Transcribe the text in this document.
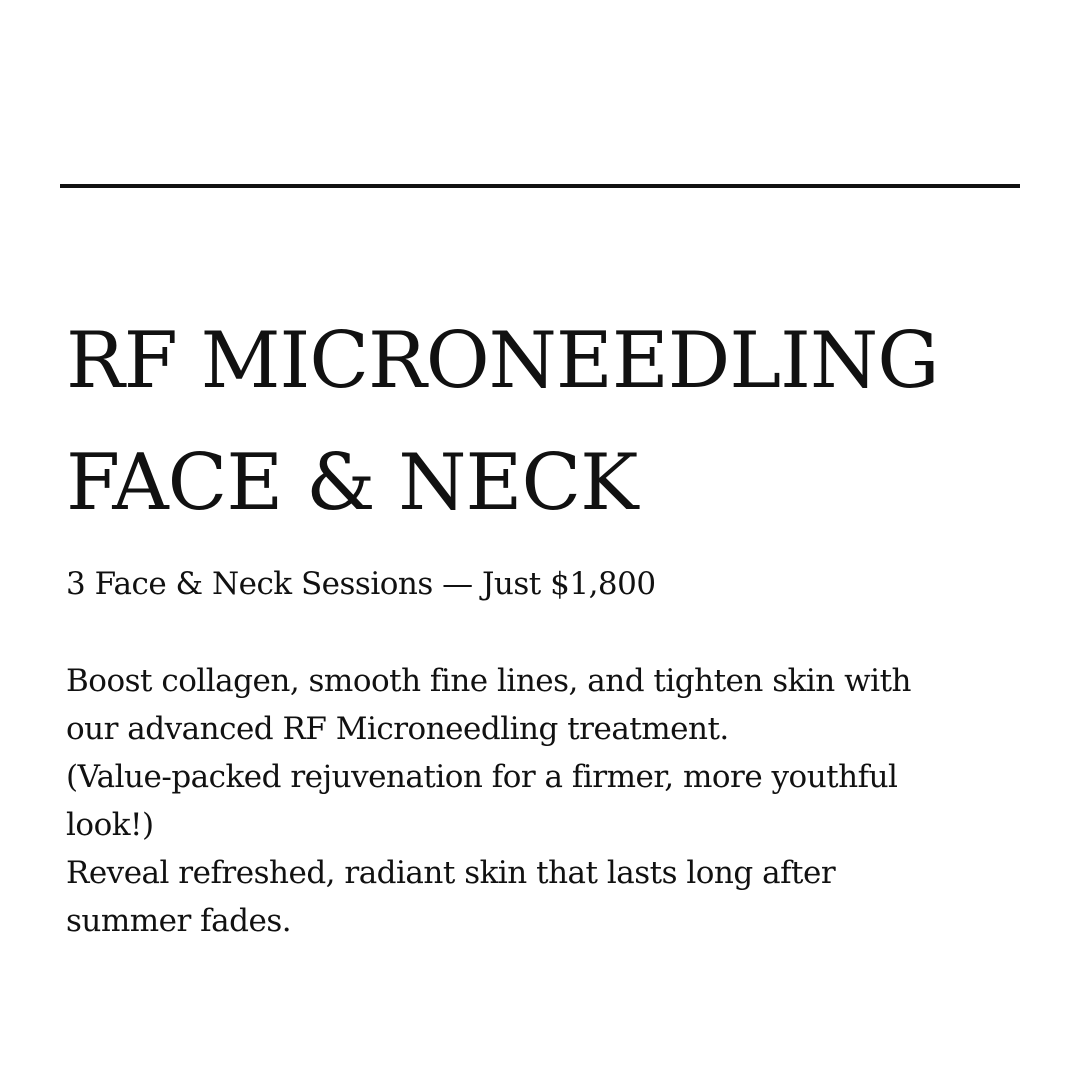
RF MICRONEEDLING
FACE & NECK
3 Face & Neck Sessions — Just $1,800

Boost collagen, smooth fine lines, and tighten skin with our advanced RF Microneedling treatment.

(Value-packed rejuvenation for a firmer, more youthful look!)

Reveal refreshed, radiant skin that lasts long after summer fades.
